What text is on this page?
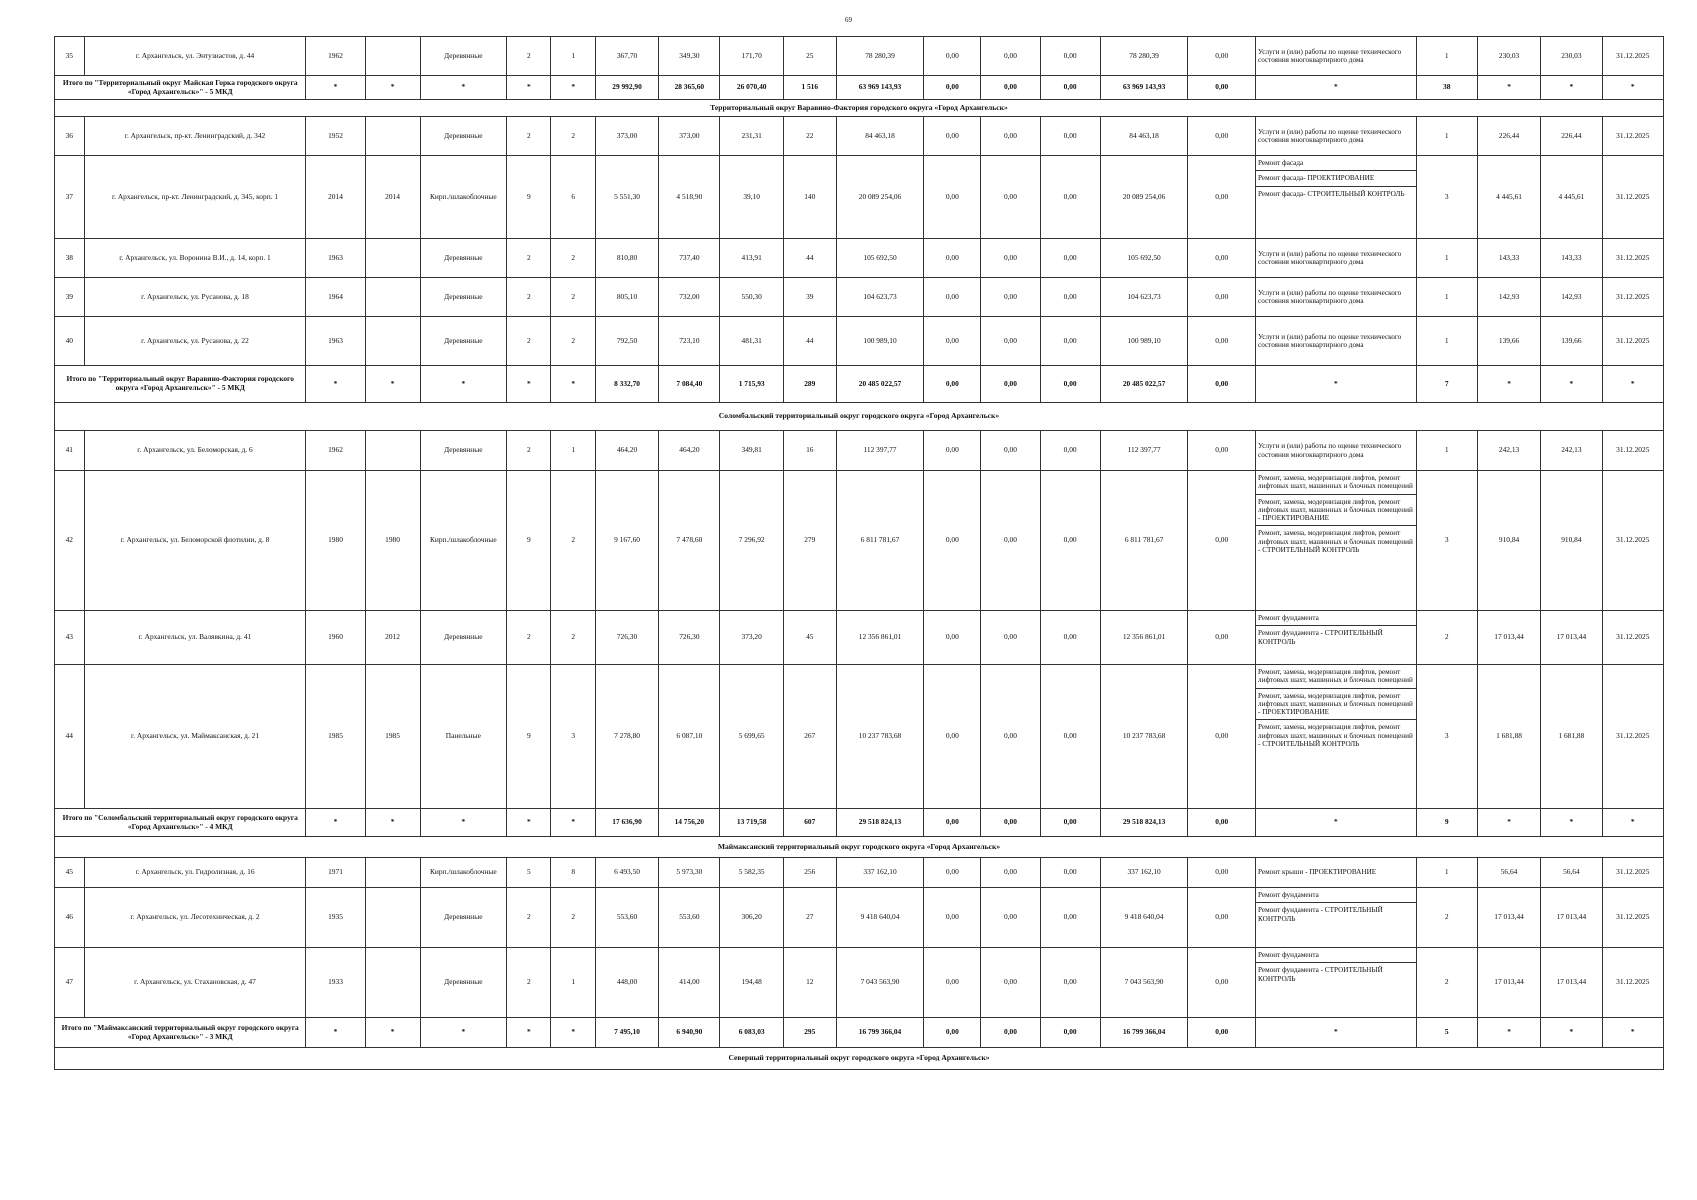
69
35	г. Архангельск, ул. Энтузиастов, д. 44	1962		Деревянные	2	1	367,70	349,30	171,70	25	78 280,39	0,00	0,00	0,00	78 280,39	0,00	Услуги и (или) работы по оценке технического состояния многоквартирного дома	1	230,03	230,03	31.12.2025
Итого по "Территориальный округ Майская Горка городского округа «Город Архангельск»" - 5 МКД		*	*	*	*	*	29 992,90	28 365,60	26 070,40	1 516	63 969 143,93	0,00	0,00	0,00	63 969 143,93	0,00	*	38	*	*	*
Территориальный округ Варавино-Фактория городского округа «Город Архангельск»																					
36	г. Архангельск, пр-кт. Ленинградский, д. 342	1952		Деревянные	2	2	373,00	373,00	231,31	22	84 463,18	0,00	0,00	0,00	84 463,18	0,00	Услуги и (или) работы по оценке технического состояния многоквартирного дома	1	226,44	226,44	31.12.2025
37	г. Архангельск, пр-кт. Ленинградский, д. 345, корп. 1	2014	2014	Кирп./шлакоблочные	9	6	5 551,30	4 518,90	39,10	140	20 089 254,06	0,00	0,00	0,00	20 089 254,06	0,00	Ремонт фасада
Ремонт фасада- ПРОЕКТИРОВАНИЕ
Ремонт фасада- СТРОИТЕЛЬНЫЙ КОНТРОЛЬ	3	4 445,61	4 445,61	31.12.2025
38	г. Архангельск, ул. Воронина В.И., д. 14, корп. 1	1963		Деревянные	2	2	810,80	737,40	413,91	44	105 692,50	0,00	0,00	0,00	105 692,50	0,00	Услуги и (или) работы по оценке технического состояния многоквартирного дома	1	143,33	143,33	31.12.2025
39	г. Архангельск, ул. Русанова, д. 18	1964		Деревянные	2	2	805,10	732,00	550,30	39	104 623,73	0,00	0,00	0,00	104 623,73	0,00	Услуги и (или) работы по оценке технического состояния многоквартирного дома	1	142,93	142,93	31.12.2025
40	г. Архангельск, ул. Русанова, д. 22	1963		Деревянные	2	2	792,50	723,10	481,31	44	100 989,10	0,00	0,00	0,00	100 989,10	0,00	Услуги и (или) работы по оценке технического состояния многоквартирного дома	1	139,66	139,66	31.12.2025
Итого по "Территориальный округ Варавино-Фактория городского округа «Город Архангельск»" - 5 МКД		*	*	*	*	*	8 332,70	7 084,40	1 715,93	289	20 485 022,57	0,00	0,00	0,00	20 485 022,57	0,00	*	7	*	*	*
Соломбальский территориальный округ городского округа «Город Архангельск»																					
41	г. Архангельск, ул. Беломорская, д. 6	1962		Деревянные	2	1	464,20	464,20	349,81	16	112 397,77	0,00	0,00	0,00	112 397,77	0,00	Услуги и (или) работы по оценке технического состояния многоквартирного дома	1	242,13	242,13	31.12.2025
42	г. Архангельск, ул. Беломорской флотилии, д. 8	1980	1980	Кирп./шлакоблочные	9	2	9 167,60	7 478,60	7 296,92	279	6 811 781,67	0,00	0,00	0,00	6 811 781,67	0,00	Ремонт, замена, модернизация лифтов, ремонт лифтовых шахт, машинных и блочных помещений
Ремонт, замена, модернизация лифтов, ремонт лифтовых шахт, машинных и блочных помещений - ПРОЕКТИРОВАНИЕ
Ремонт, замена, модернизация лифтов, ремонт лифтовых шахт, машинных и блочных помещений - СТРОИТЕЛЬНЫЙ КОНТРОЛЬ	3	910,84	910,84	31.12.2025
43	г. Архангельск, ул. Валявкина, д. 41	1960	2012	Деревянные	2	2	726,30	726,30	373,20	45	12 356 861,01	0,00	0,00	0,00	12 356 861,01	0,00	Ремонт фундамента
Ремонт фундамента - СТРОИТЕЛЬНЫЙ КОНТРОЛЬ	2	17 013,44	17 013,44	31.12.2025
44	г. Архангельск, ул. Маймаксанская, д. 21	1985	1985	Панельные	9	3	7 278,80	6 087,10	5 699,65	267	10 237 783,68	0,00	0,00	0,00	10 237 783,68	0,00	Ремонт, замена, модернизация лифтов, ремонт лифтовых шахт, машинных и блочных помещений
Ремонт, замена, модернизация лифтов, ремонт лифтовых шахт, машинных и блочных помещений - ПРОЕКТИРОВАНИЕ
Ремонт, замена, модернизация лифтов, ремонт лифтовых шахт, машинных и блочных помещений - СТРОИТЕЛЬНЫЙ КОНТРОЛЬ	3	1 681,88	1 681,88	31.12.2025
Итого по "Соломбальский территориальный округ городского округа «Город Архангельск»" - 4 МКД		*	*	*	*	*	17 636,90	14 756,20	13 719,58	607	29 518 824,13	0,00	0,00	0,00	29 518 824,13	0,00	*	9	*	*	*
Маймаксанский территориальный округ городского округа «Город Архангельск»																					
45	г. Архангельск, ул. Гидролизная, д. 16	1971		Кирп./шлакоблочные	5	8	6 493,50	5 973,30	5 582,35	256	337 162,10	0,00	0,00	0,00	337 162,10	0,00	Ремонт крыши - ПРОЕКТИРОВАНИЕ	1	56,64	56,64	31.12.2025
46	г. Архангельск, ул. Лесотехническая, д. 2	1935		Деревянные	2	2	553,60	553,60	306,20	27	9 418 640,04	0,00	0,00	0,00	9 418 640,04	0,00	Ремонт фундамента
Ремонт фундамента - СТРОИТЕЛЬНЫЙ КОНТРОЛЬ	2	17 013,44	17 013,44	31.12.2025
47	г. Архангельск, ул. Стахановская, д. 47	1933		Деревянные	2	1	448,00	414,00	194,48	12	7 043 563,90	0,00	0,00	0,00	7 043 563,90	0,00	Ремонт фундамента
Ремонт фундамента - СТРОИТЕЛЬНЫЙ КОНТРОЛЬ	2	17 013,44	17 013,44	31.12.2025
Итого по "Маймаксанский территориальный округ городского округа «Город Архангельск»" - 3 МКД		*	*	*	*	*	7 495,10	6 940,90	6 083,03	295	16 799 366,04	0,00	0,00	0,00	16 799 366,04	0,00	*	5	*	*	*
Северный территориальный округ городского округа «Город Архангельск»																					
